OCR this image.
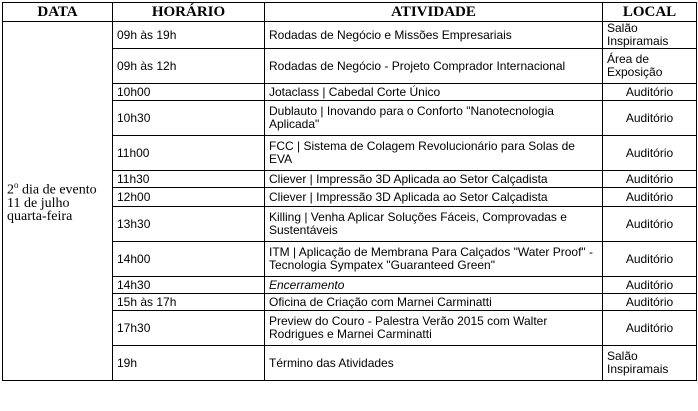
DATA	HORÁRIO	ATIVIDADE	LOCAL
2$^o$ dia de evento 11 de julho quarta-feira	09h às 19h	Rodadas de Negócio e Missões Empresariais	Salão Inspiramais
	09h às 12h	Rodadas de Negócio - Projeto Comprador Internacional	Área de Exposição
	10h00	Jotaclass | Cabedal Corte Único	Auditório
	10h30	Dublauto | Inovando para o Conforto "Nanotecnologia Aplicada"	Auditório
	11h00	FCC | Sistema de Colagem Revolucionário para Solas de EVA	Auditório
	11h30	Cliever | Impressão 3D Aplicada ao Setor Calçadista	Auditório
	12h00	Cliever | Impressão 3D Aplicada ao Setor Calçadista	Auditório
	13h30	Killing | Venha Aplicar Soluções Fáceis, Comprovadas e Sustentáveis	Auditório
	14h00	ITM | Aplicação de Membrana Para Calçados "Water Proof" - Tecnologia Sympatex "Guaranteed Green"	Auditório
	14h30	Encerramento	Auditório
	15h às 17h	Oficina de Criação com Marnei Carminatti	Auditório
	17h30	Preview do Couro - Palestra Verão 2015 com Walter Rodrigues e Marnei Carminatti	Auditório
	19h	Término das Atividades	Salão Inspiramais
